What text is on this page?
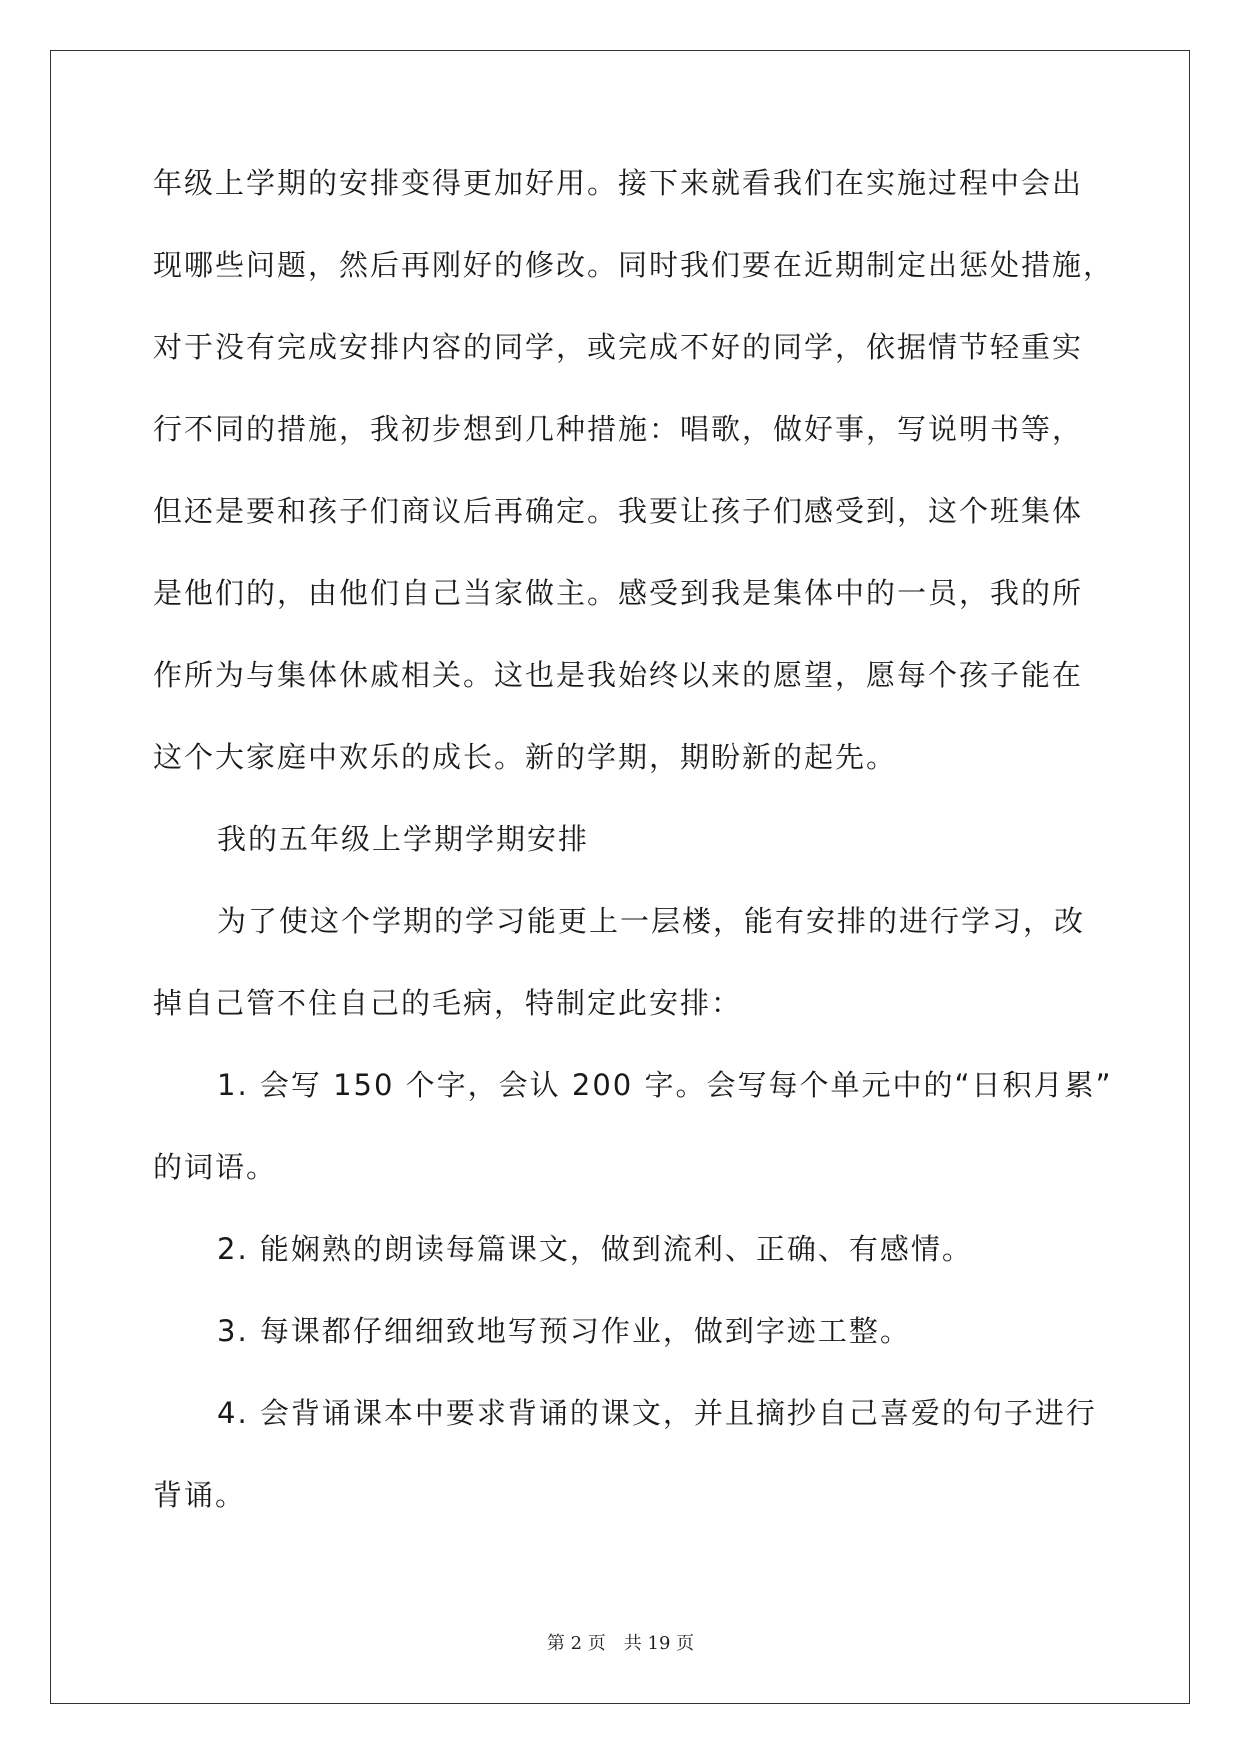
年级上学期的安排变得更加好用。接下来就看我们在实施过程中会出
现哪些问题，然后再刚好的修改。同时我们要在近期制定出惩处措施，
对于没有完成安排内容的同学，或完成不好的同学，依据情节轻重实
行不同的措施，我初步想到几种措施：唱歌，做好事，写说明书等，
但还是要和孩子们商议后再确定。我要让孩子们感受到，这个班集体
是他们的，由他们自己当家做主。感受到我是集体中的一员，我的所
作所为与集体休戚相关。这也是我始终以来的愿望，愿每个孩子能在
这个大家庭中欢乐的成长。新的学期，期盼新的起先。
我的五年级上学期学期安排
为了使这个学期的学习能更上一层楼，能有安排的进行学习，改
掉自己管不住自己的毛病，特制定此安排：
1. 会写 150 个字，会认 200 字。会写每个单元中的“日积月累”
的词语。
2. 能娴熟的朗读每篇课文，做到流利、正确、有感情。
3. 每课都仔细细致地写预习作业，做到字迹工整。
4. 会背诵课本中要求背诵的课文，并且摘抄自己喜爱的句子进行
背诵。
第 2 页 共 19 页
